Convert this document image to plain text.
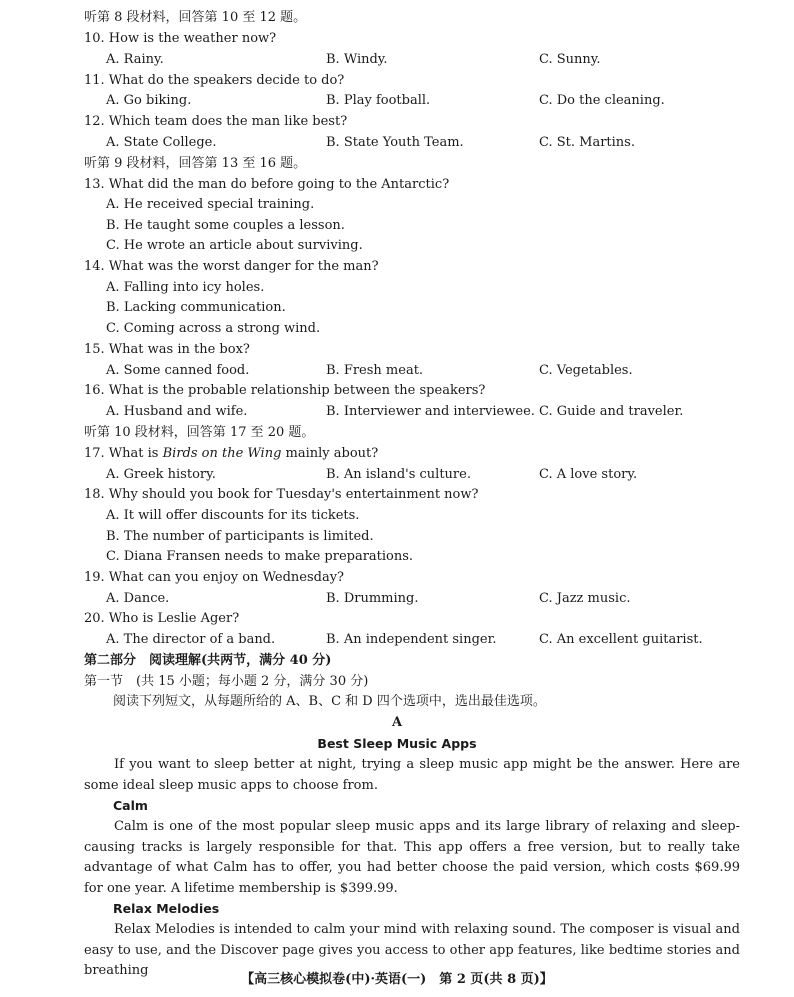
听第 8 段材料，回答第 10 至 12 题。
10. How is the weather now?
A. Rainy.	B. Windy.	C. Sunny.
11. What do the speakers decide to do?
A. Go biking.	B. Play football.	C. Do the cleaning.
12. Which team does the man like best?
A. State College.	B. State Youth Team.	C. St. Martins.
听第 9 段材料，回答第 13 至 16 题。
13. What did the man do before going to the Antarctic?
A. He received special training.
B. He taught some couples a lesson.
C. He wrote an article about surviving.
14. What was the worst danger for the man?
A. Falling into icy holes.
B. Lacking communication.
C. Coming across a strong wind.
15. What was in the box?
A. Some canned food.	B. Fresh meat.	C. Vegetables.
16. What is the probable relationship between the speakers?
A. Husband and wife.	B. Interviewer and interviewee. C. Guide and traveler.
听第 10 段材料，回答第 17 至 20 题。
17. What is Birds on the Wing mainly about?
A. Greek history.	B. An island's culture.	C. A love story.
18. Why should you book for Tuesday's entertainment now?
A. It will offer discounts for its tickets.
B. The number of participants is limited.
C. Diana Fransen needs to make preparations.
19. What can you enjoy on Wednesday?
A. Dance.	B. Drumming.	C. Jazz music.
20. Who is Leslie Ager?
A. The director of a band.	B. An independent singer.	C. An excellent guitarist.
第二部分　阅读理解(共两节，满分 40 分)
第一节　(共 15 小题；每小题 2 分，满分 30 分)
阅读下列短文，从每题所给的 A、B、C 和 D 四个选项中，选出最佳选项。
A
Best Sleep Music Apps

If you want to sleep better at night, trying a sleep music app might be the answer. Here are some ideal sleep music apps to choose from.

Calm

Calm is one of the most popular sleep music apps and its large library of relaxing and sleep-causing tracks is largely responsible for that. This app offers a free version, but to really take advantage of what Calm has to offer, you had better choose the paid version, which costs $69.99 for one year. A lifetime membership is $399.99.

Relax Melodies

Relax Melodies is intended to calm your mind with relaxing sound. The composer is visual and easy to use, and the Discover page gives you access to other app features, like bedtime stories and breathing

【高三核心模拟卷(中)·英语(一)　第 2 页(共 8 页)】
